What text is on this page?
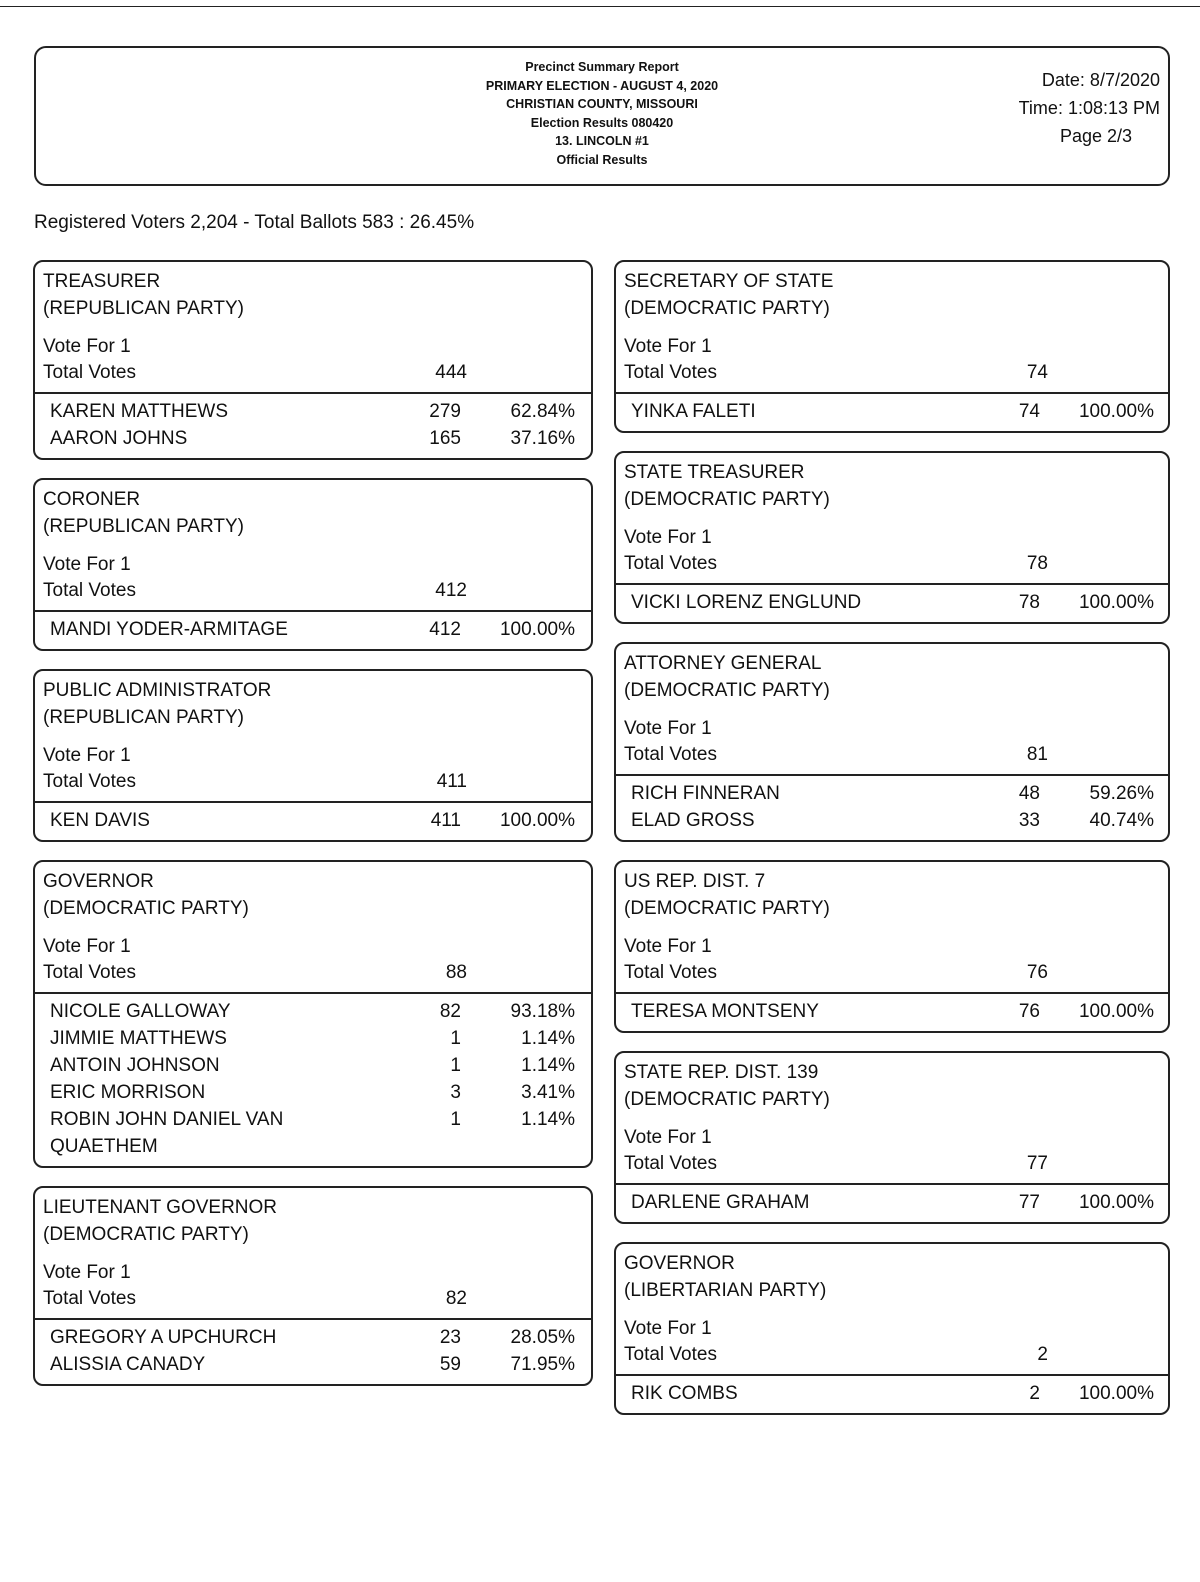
Precinct Summary Report
PRIMARY ELECTION - AUGUST 4, 2020
CHRISTIAN COUNTY, MISSOURI
Election Results 080420
13. LINCOLN #1
Official Results
Date: 8/7/2020
Time: 1:08:13 PM
Page 2/3
Registered Voters 2,204 - Total Ballots 583 : 26.45%
TREASURER
(REPUBLICAN PARTY)
Vote For 1
Total Votes	444
KAREN MATTHEWS	279	62.84%
AARON JOHNS	165	37.16%
CORONER
(REPUBLICAN PARTY)
Vote For 1
Total Votes	412
MANDI YODER-ARMITAGE	412	100.00%
PUBLIC ADMINISTRATOR
(REPUBLICAN PARTY)
Vote For 1
Total Votes	411
KEN DAVIS	411	100.00%
GOVERNOR
(DEMOCRATIC PARTY)
Vote For 1
Total Votes	88
NICOLE GALLOWAY	82	93.18%
JIMMIE MATTHEWS	1	1.14%
ANTOIN JOHNSON	1	1.14%
ERIC MORRISON	3	3.41%
ROBIN JOHN DANIEL VAN	1	1.14%
QUAETHEM
LIEUTENANT GOVERNOR
(DEMOCRATIC PARTY)
Vote For 1
Total Votes	82
GREGORY A UPCHURCH	23	28.05%
ALISSIA CANADY	59	71.95%
SECRETARY OF STATE
(DEMOCRATIC PARTY)
Vote For 1
Total Votes	74
YINKA FALETI	74	100.00%
STATE TREASURER
(DEMOCRATIC PARTY)
Vote For 1
Total Votes	78
VICKI LORENZ ENGLUND	78	100.00%
ATTORNEY GENERAL
(DEMOCRATIC PARTY)
Vote For 1
Total Votes	81
RICH FINNERAN	48	59.26%
ELAD GROSS	33	40.74%
US REP. DIST. 7
(DEMOCRATIC PARTY)
Vote For 1
Total Votes	76
TERESA MONTSENY	76	100.00%
STATE REP. DIST. 139
(DEMOCRATIC PARTY)
Vote For 1
Total Votes	77
DARLENE GRAHAM	77	100.00%
GOVERNOR
(LIBERTARIAN PARTY)
Vote For 1
Total Votes	2
RIK COMBS	2	100.00%
